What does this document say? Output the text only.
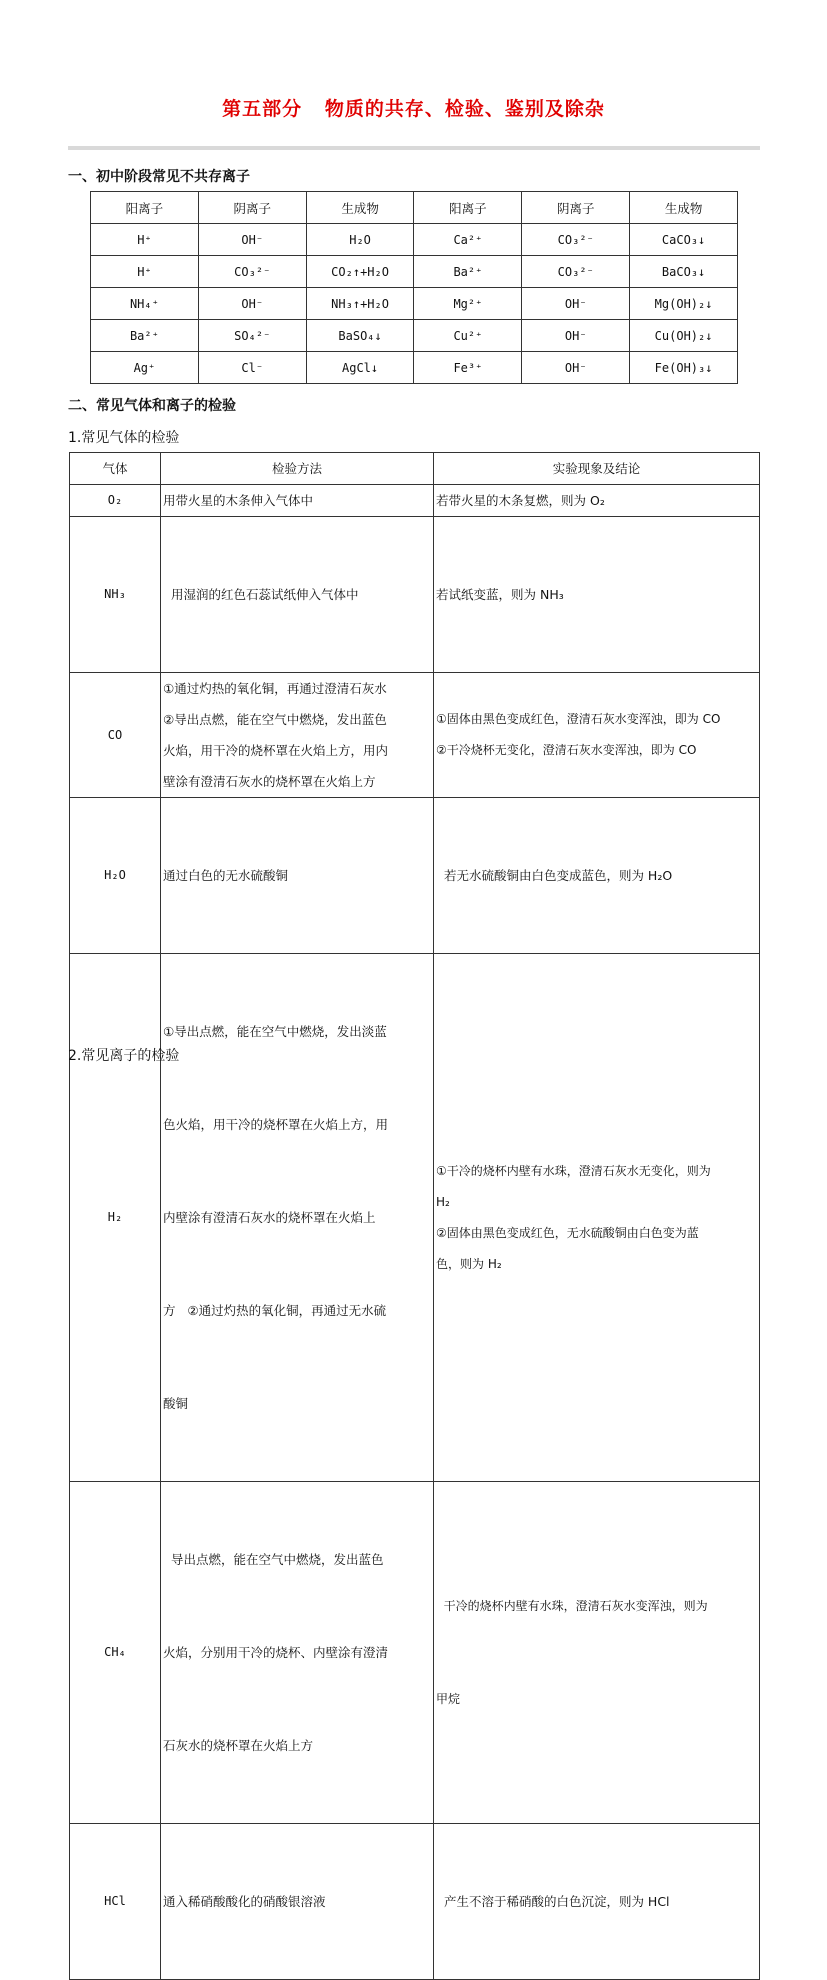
第五部分   物质的共存、检验、鉴别及除杂
一、初中阶段常见不共存离子
阳离子	阴离子	生成物	阳离子	阴离子	生成物
H⁺	OH⁻	H₂O	Ca²⁺	CO₃²⁻	CaCO₃↓
H⁺	CO₃²⁻	CO₂↑+H₂O	Ba²⁺	CO₃²⁻	BaCO₃↓
NH₄⁺	OH⁻	NH₃↑+H₂O	Mg²⁺	OH⁻	Mg(OH)₂↓
Ba²⁺	SO₄²⁻	BaSO₄↓	Cu²⁺	OH⁻	Cu(OH)₂↓
Ag⁺	Cl⁻	AgCl↓	Fe³⁺	OH⁻	Fe(OH)₃↓
二、常见气体和离子的检验
1.常见气体的检验
气体	检验方法	实验现象及结论
O₂	用带火星的木条伸入气体中	若带火星的木条复燃，则为 O₂

NH₃	用湿润的红色石蕊试纸伸入气体中	若试纸变蓝，则为 NH₃

CO	①通过灼热的氧化铜，再通过澄清石灰水
②导出点燃，能在空气中燃烧，发出蓝色
火焰，用干冷的烧杯罩在火焰上方，用内
壁涂有澄清石灰水的烧杯罩在火焰上方	①固体由黑色变成红色，澄清石灰水变浑浊，即为 CO
②干冷烧杯无变化，澄清石灰水变浑浊，即为 CO

H₂O	通过白色的无水硫酸铜	若无水硫酸铜由白色变成蓝色，则为 H₂O

H₂	①导出点燃，能在空气中燃烧，发出淡蓝

色火焰，用干冷的烧杯罩在火焰上方，用

内壁涂有澄清石灰水的烧杯罩在火焰上

方   ②通过灼热的氧化铜，再通过无水硫

酸铜	①干冷的烧杯内壁有水珠，澄清石灰水无变化，则为
H₂
②固体由黑色变成红色，无水硫酸铜由白色变为蓝
色，则为 H₂

CH₄	导出点燃，能在空气中燃烧，发出蓝色

火焰，分别用干冷的烧杯、内壁涂有澄清

石灰水的烧杯罩在火焰上方	干冷的烧杯内壁有水珠，澄清石灰水变浑浊，则为

甲烷

HCl	通入稀硝酸酸化的硝酸银溶液	产生不溶于稀硝酸的白色沉淀，则为 HCl

2.常见离子的检验
